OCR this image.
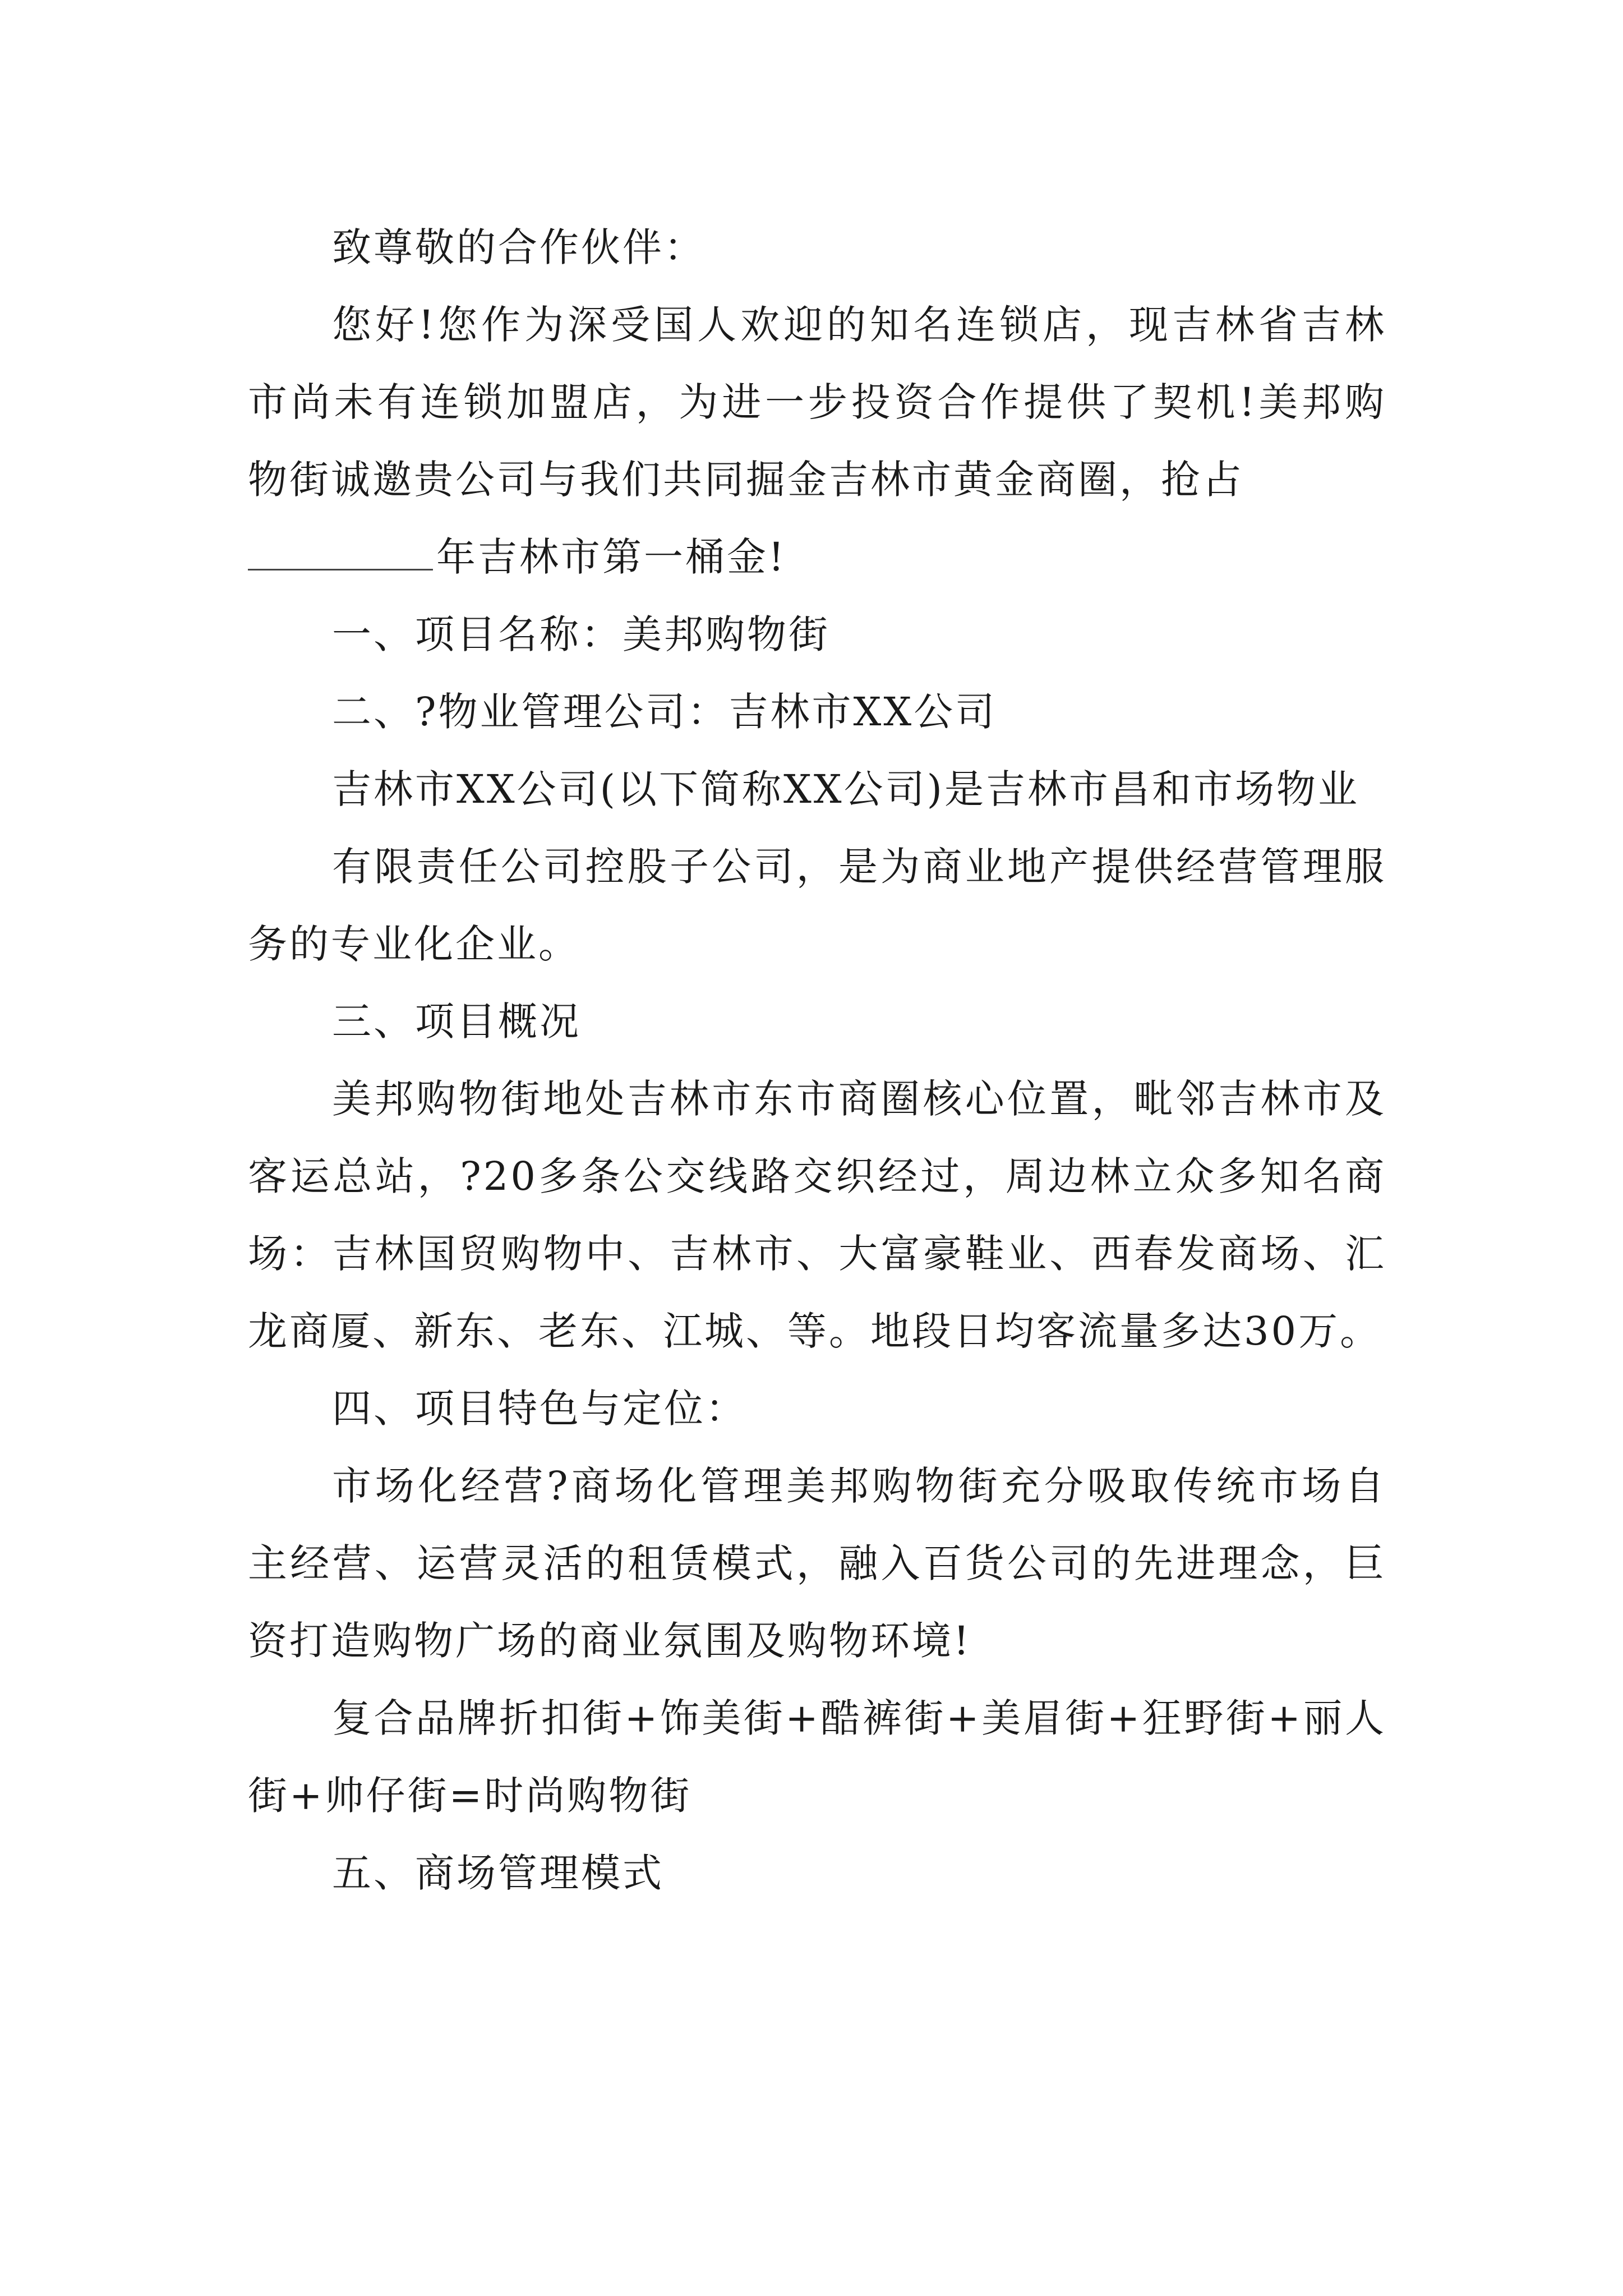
致尊敬的合作伙伴：

您好!您作为深受国人欢迎的知名连锁店，现吉林省吉林市尚未有连锁加盟店，为进一步投资合作提供了契机!美邦购物街诚邀贵公司与我们共同掘金吉林市黄金商圈，抢占

年吉林市第一桶金!

一、项目名称：美邦购物街

二、?物业管理公司：吉林市XX公司

吉林市XX公司(以下简称XX公司)是吉林市昌和市场物业

有限责任公司控股子公司，是为商业地产提供经营管理服务的专业化企业。

三、项目概况

美邦购物街地处吉林市东市商圈核心位置，毗邻吉林市及客运总站，?20多条公交线路交织经过，周边林立众多知名商场：吉林国贸购物中、吉林市、大富豪鞋业、西春发商场、汇龙商厦、新东、老东、江城、等。地段日均客流量多达30万。

四、项目特色与定位：

市场化经营?商场化管理美邦购物街充分吸取传统市场自主经营、运营灵活的租赁模式，融入百货公司的先进理念，巨资打造购物广场的商业氛围及购物环境!

复合品牌折扣街+饰美街+酷裤街+美眉街+狂野街+丽人街+帅仔街=时尚购物街

五、商场管理模式
